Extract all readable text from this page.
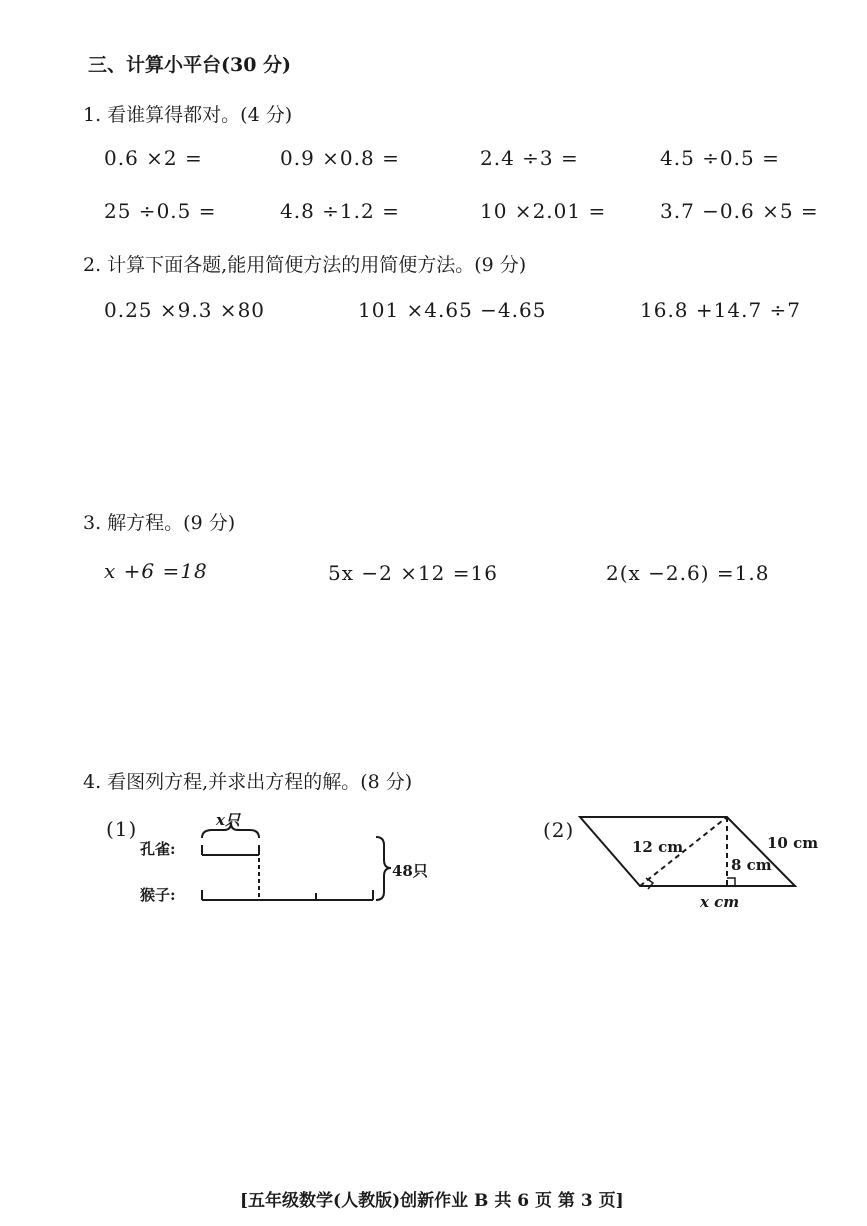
三、计算小平台(30 分)
1. 看谁算得都对。(4 分)
0.6 ×2 =	0.9 ×0.8 =	2.4 ÷3 =	4.5 ÷0.5 =
25 ÷0.5 =	4.8 ÷1.2 =	10 ×2.01 =	3.7 −0.6 ×5 =
2. 计算下面各题,能用简便方法的用简便方法。(9 分)
0.25 ×9.3 ×80	101 ×4.65 −4.65	16.8 +14.7 ÷7
3. 解方程。(9 分)
x +6 =18	5x −2 ×12 =16	2(x −2.6) =1.8
4. 看图列方程,并求出方程的解。(8 分)
(1)
孔雀:
猴子:
x只
48只
(2)
12 cm	10 cm
8 cm
x cm
[五年级数学(人教版)创新作业 B 共 6 页 第 3 页]
